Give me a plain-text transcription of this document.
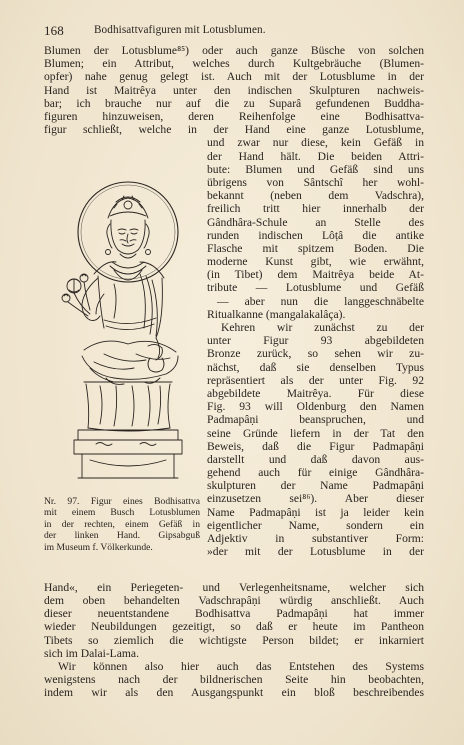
168	Bodhisattvafiguren mit Lotusblumen.
Blumen der Lotusblume⁸⁵) oder auch ganze Büsche von solchen
Blumen; ein Attribut, welches durch Kultgebräuche (Blumen-
opfer) nahe genug gelegt ist. Auch mit der Lotusblume in der
Hand ist Maitrêya unter den indischen Skulpturen nachweis-
bar; ich brauche nur auf die zu Suparâ gefundenen Buddha-
figuren hinzuweisen, deren Reihenfolge eine Bodhisattva-
figur schließt, welche in der Hand eine ganze Lotusblume,
und zwar nur diese, kein Gefäß in
der Hand hält. Die beiden Attri-
bute: Blumen und Gefäß sind uns
übrigens von Sântschî her wohl-
bekannt (neben dem Vadschra),
freilich tritt hier innerhalb der
Gândhâra-Schule an Stelle des
runden indischen Lôṭâ die antike
Flasche mit spitzem Boden. Die
moderne Kunst gibt, wie erwähnt,
(in Tibet) dem Maitrêya beide At-
tribute — Lotusblume und Gefäß
— aber nun die langgeschnäbelte
Ritualkanne (mangalakalâça).
Kehren wir zunächst zu der
unter Figur 93 abgebildeten
Bronze zurück, so sehen wir zu-
nächst, daß sie denselben Typus
repräsentiert als der unter Fig. 92
abgebildete Maitrêya. Für diese
Fig. 93 will Oldenburg den Namen
Padmapâṇi beanspruchen, und
seine Gründe liefern in der Tat den
Beweis, daß die Figur Padmapâṇi
darstellt und daß davon aus-
gehend auch für einige Gândhâra-
skulpturen der Name Padmapâṇi
einzusetzen sei⁸⁶). Aber dieser
Name Padmapâṇi ist ja leider kein
eigentlicher Name, sondern ein
Adjektiv in substantiver Form:
»der mit der Lotusblume in der
Nr. 97. Figur eines Bodhisattva
mit einem Busch Lotusblumen
in der rechten, einem Gefäß in
der linken Hand. Gipsabguß
im Museum f. Völkerkunde.
Hand«, ein Periegeten- und Verlegenheitsname, welcher sich
dem oben behandelten Vadschrapâṇi würdig anschließt. Auch
dieser neuentstandene Bodhisattva Padmapâṇi hat immer
wieder Neubildungen gezeitigt, so daß er heute im Pantheon
Tibets so ziemlich die wichtigste Person bildet; er inkarniert
sich im Dalai-Lama.
Wir können also hier auch das Entstehen des Systems
wenigstens nach der bildnerischen Seite hin beobachten,
indem wir als den Ausgangspunkt ein bloß beschreibendes
